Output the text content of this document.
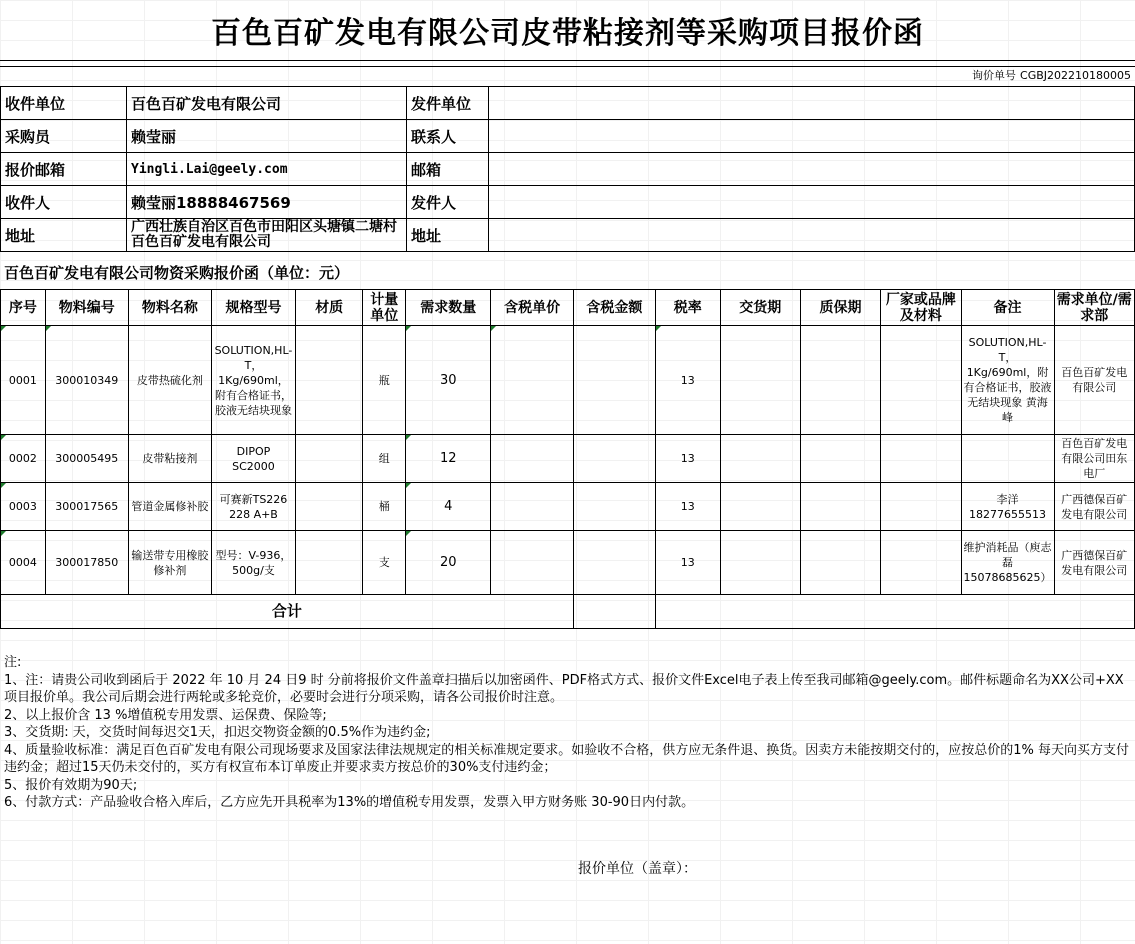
百色百矿发电有限公司皮带粘接剂等采购项目报价函
询价单号 CGBJ202210180005
收件单位	百色百矿发电有限公司	发件单位	
采购员	赖莹丽	联系人	
报价邮箱	Yingli.Lai@geely.com	邮箱	
收件人	赖莹丽18888467569	发件人	
地址	广西壮族自治区百色市田阳区头塘镇二塘村百色百矿发电有限公司	地址	
百色百矿发电有限公司物资采购报价函（单位：元）
序号	物料编号	物料名称	规格型号	材质	计量单位	需求数量	含税单价	含税金额	税率	交货期	质保期	厂家或品牌及材料	备注	需求单位/需求部
0001	300010349	皮带热硫化剂	SOLUTION,HL-T，1Kg/690ml，附有合格证书，胶液无结块现象		瓶	30			13				SOLUTION,HL-T，1Kg/690ml，附有合格证书，胶液无结块现象 黄海峰	百色百矿发电有限公司
0002	300005495	皮带粘接剂	DIPOP SC2000		组	12			13					百色百矿发电有限公司田东电厂
0003	300017565	管道金属修补胶	可赛新TS226 228 A+B		桶	4			13				李洋18277655513	广西德保百矿发电有限公司
0004	300017850	输送带专用橡胶修补剂	型号：V-936，500g/支		支	20			13				维护消耗品（庾志磊15078685625）	广西德保百矿发电有限公司
合计														
注:
1、注：请贵公司收到函后于 2022 年 10 月 24 日9 时 分前将报价文件盖章扫描后以加密函件、PDF格式方式、报价文件Excel电子表上传至我司邮箱@geely.com。邮件标题命名为XX公司+XX项目报价单。我公司后期会进行两轮或多轮竞价，必要时会进行分项采购，请各公司报价时注意。
2、以上报价含 13 %增值税专用发票、运保费、保险等;
3、交货期: 天，交货时间每迟交1天，扣迟交物资金额的0.5%作为违约金;
4、质量验收标准：满足百色百矿发电有限公司现场要求及国家法律法规规定的相关标准规定要求。如验收不合格，供方应无条件退、换货。因卖方未能按期交付的，应按总价的1% 每天向买方支付违约金；超过15天仍未交付的，买方有权宣布本订单废止并要求卖方按总价的30%支付违约金；
5、报价有效期为90天;
6、付款方式：产品验收合格入库后，乙方应先开具税率为13%的增值税专用发票，发票入甲方财务账 30-90日内付款。
报价单位（盖章）：
